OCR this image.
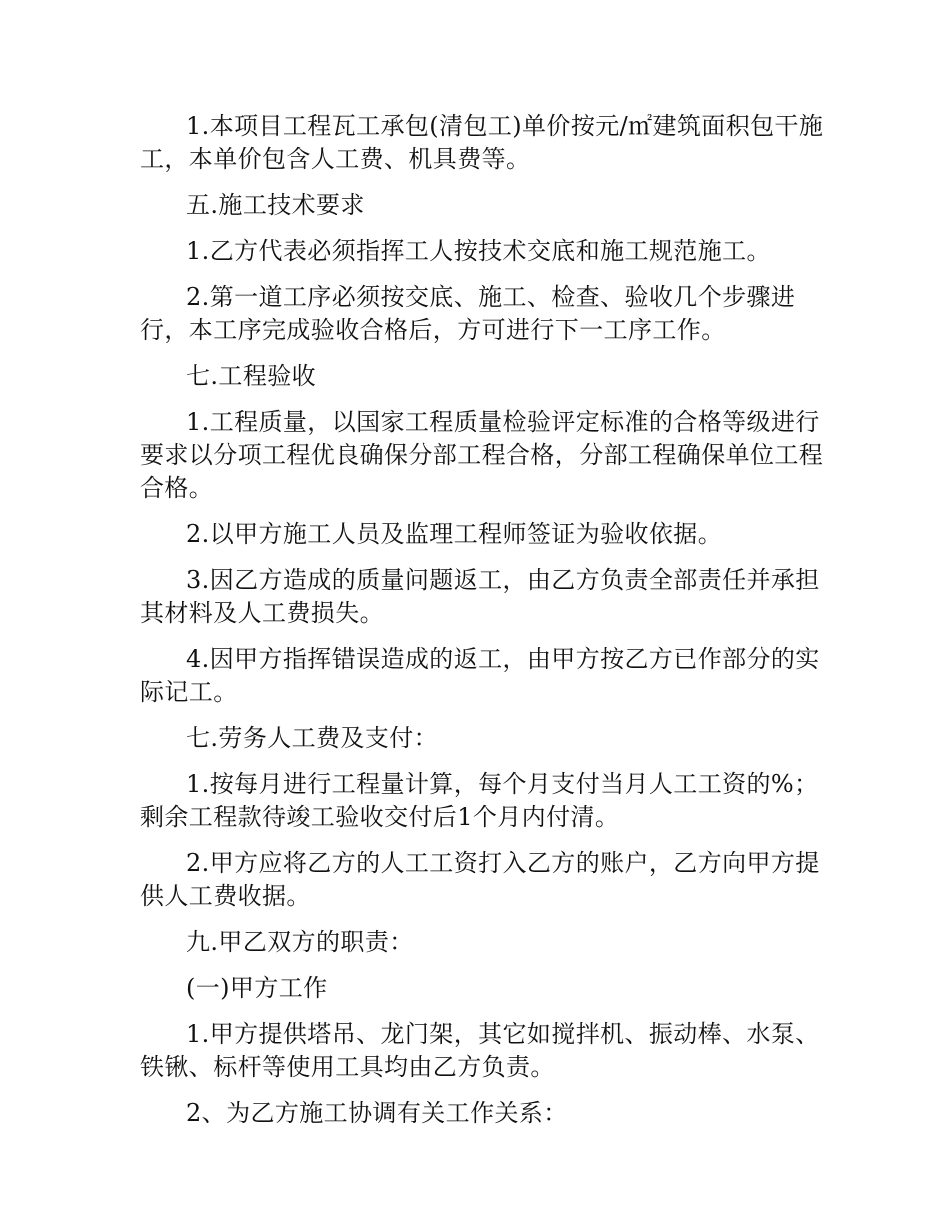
1.本项目工程瓦工承包(清包工)单价按元/㎡建筑面积包干施工，本单价包含人工费、机具费等。

五.施工技术要求

1.乙方代表必须指挥工人按技术交底和施工规范施工。

2.第一道工序必须按交底、施工、检查、验收几个步骤进行，本工序完成验收合格后，方可进行下一工序工作。

七.工程验收

1.工程质量，以国家工程质量检验评定标准的合格等级进行要求以分项工程优良确保分部工程合格，分部工程确保单位工程合格。

2.以甲方施工人员及监理工程师签证为验收依据。

3.因乙方造成的质量问题返工，由乙方负责全部责任并承担其材料及人工费损失。

4.因甲方指挥错误造成的返工，由甲方按乙方已作部分的实际记工。

七.劳务人工费及支付：

1.按每月进行工程量计算，每个月支付当月人工工资的%；剩余工程款待竣工验收交付后1个月内付清。

2.甲方应将乙方的人工工资打入乙方的账户，乙方向甲方提供人工费收据。

九.甲乙双方的职责：

(一)甲方工作

1.甲方提供塔吊、龙门架，其它如搅拌机、振动棒、水泵、铁锹、标杆等使用工具均由乙方负责。

2、为乙方施工协调有关工作关系：
